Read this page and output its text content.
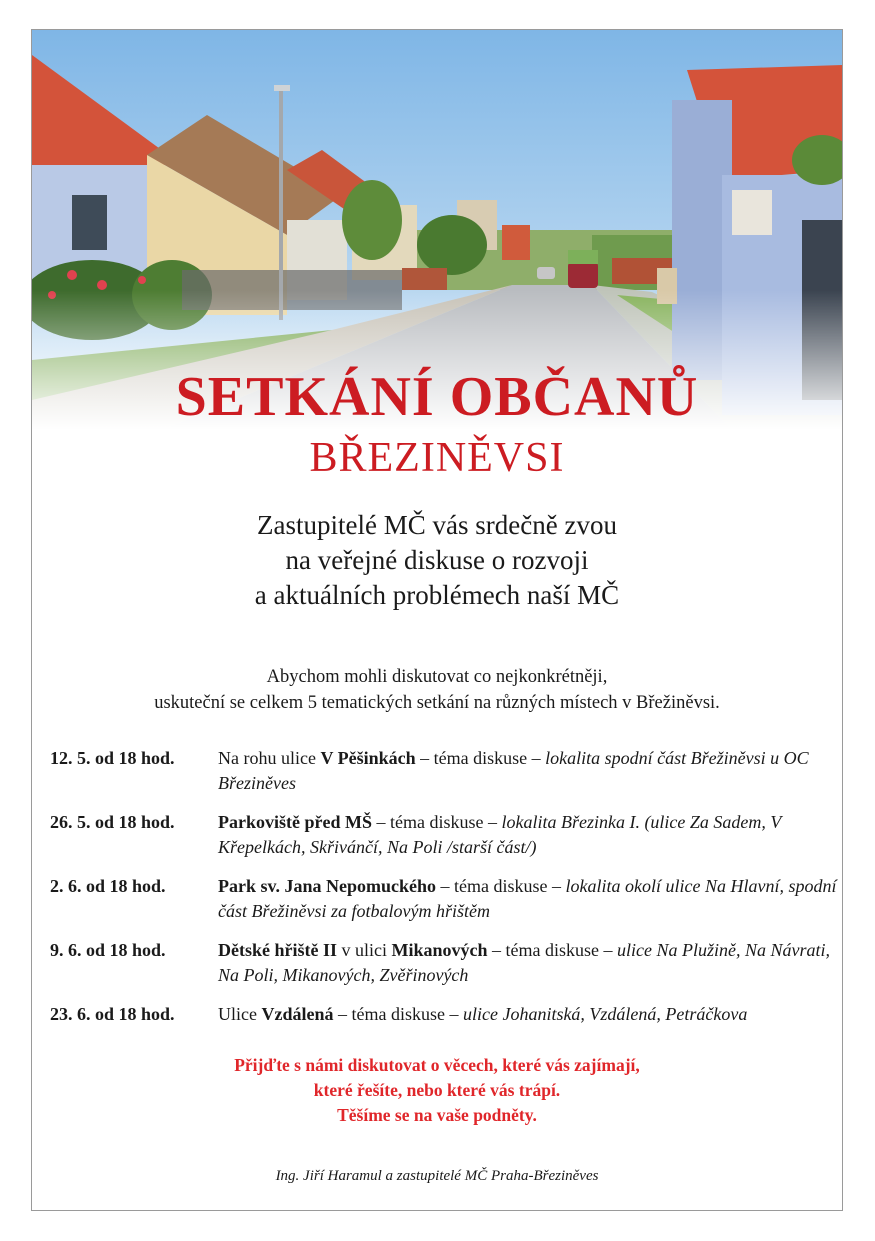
SETKÁNÍ OBČANŮ
BŘEZINĚVSI
Zastupitelé MČ vás srdečně zvou
na veřejné diskuse o rozvoji
a aktuálních problémech naší MČ
Abychom mohli diskutovat co nejkonkrétněji,
uskuteční se celkem 5 tematických setkání na různých místech v Břežiněvsi.
12. 5. od 18 hod.	Na rohu ulice V Pěšinkách – téma diskuse – lokalita spodní část Břežiněvsi u OC Březiněves
26. 5. od 18 hod.	Parkoviště před MŠ – téma diskuse – lokalita Březinka I. (ulice Za Sadem, V Křepelkách, Skřivánčí, Na Poli /starší část/)
2. 6. od 18 hod.	Park sv. Jana Nepomuckého – téma diskuse – lokalita okolí ulice Na Hlavní, spodní část Břežiněvsi za fotbalovým hřištěm
9. 6. od 18 hod.	Dětské hřiště II v ulici Mikanových – téma diskuse – ulice Na Plužině, Na Návrati, Na Poli, Mikanových, Zvěřinových
23. 6. od 18 hod.	Ulice Vzdálená – téma diskuse – ulice Johanitská, Vzdálená, Petráčkova
Přijďte s námi diskutovat o věcech, které vás zajímají,
které řešíte, nebo které vás trápí.
Těšíme se na vaše podněty.
Ing. Jiří Haramul a zastupitelé MČ Praha-Březiněves
